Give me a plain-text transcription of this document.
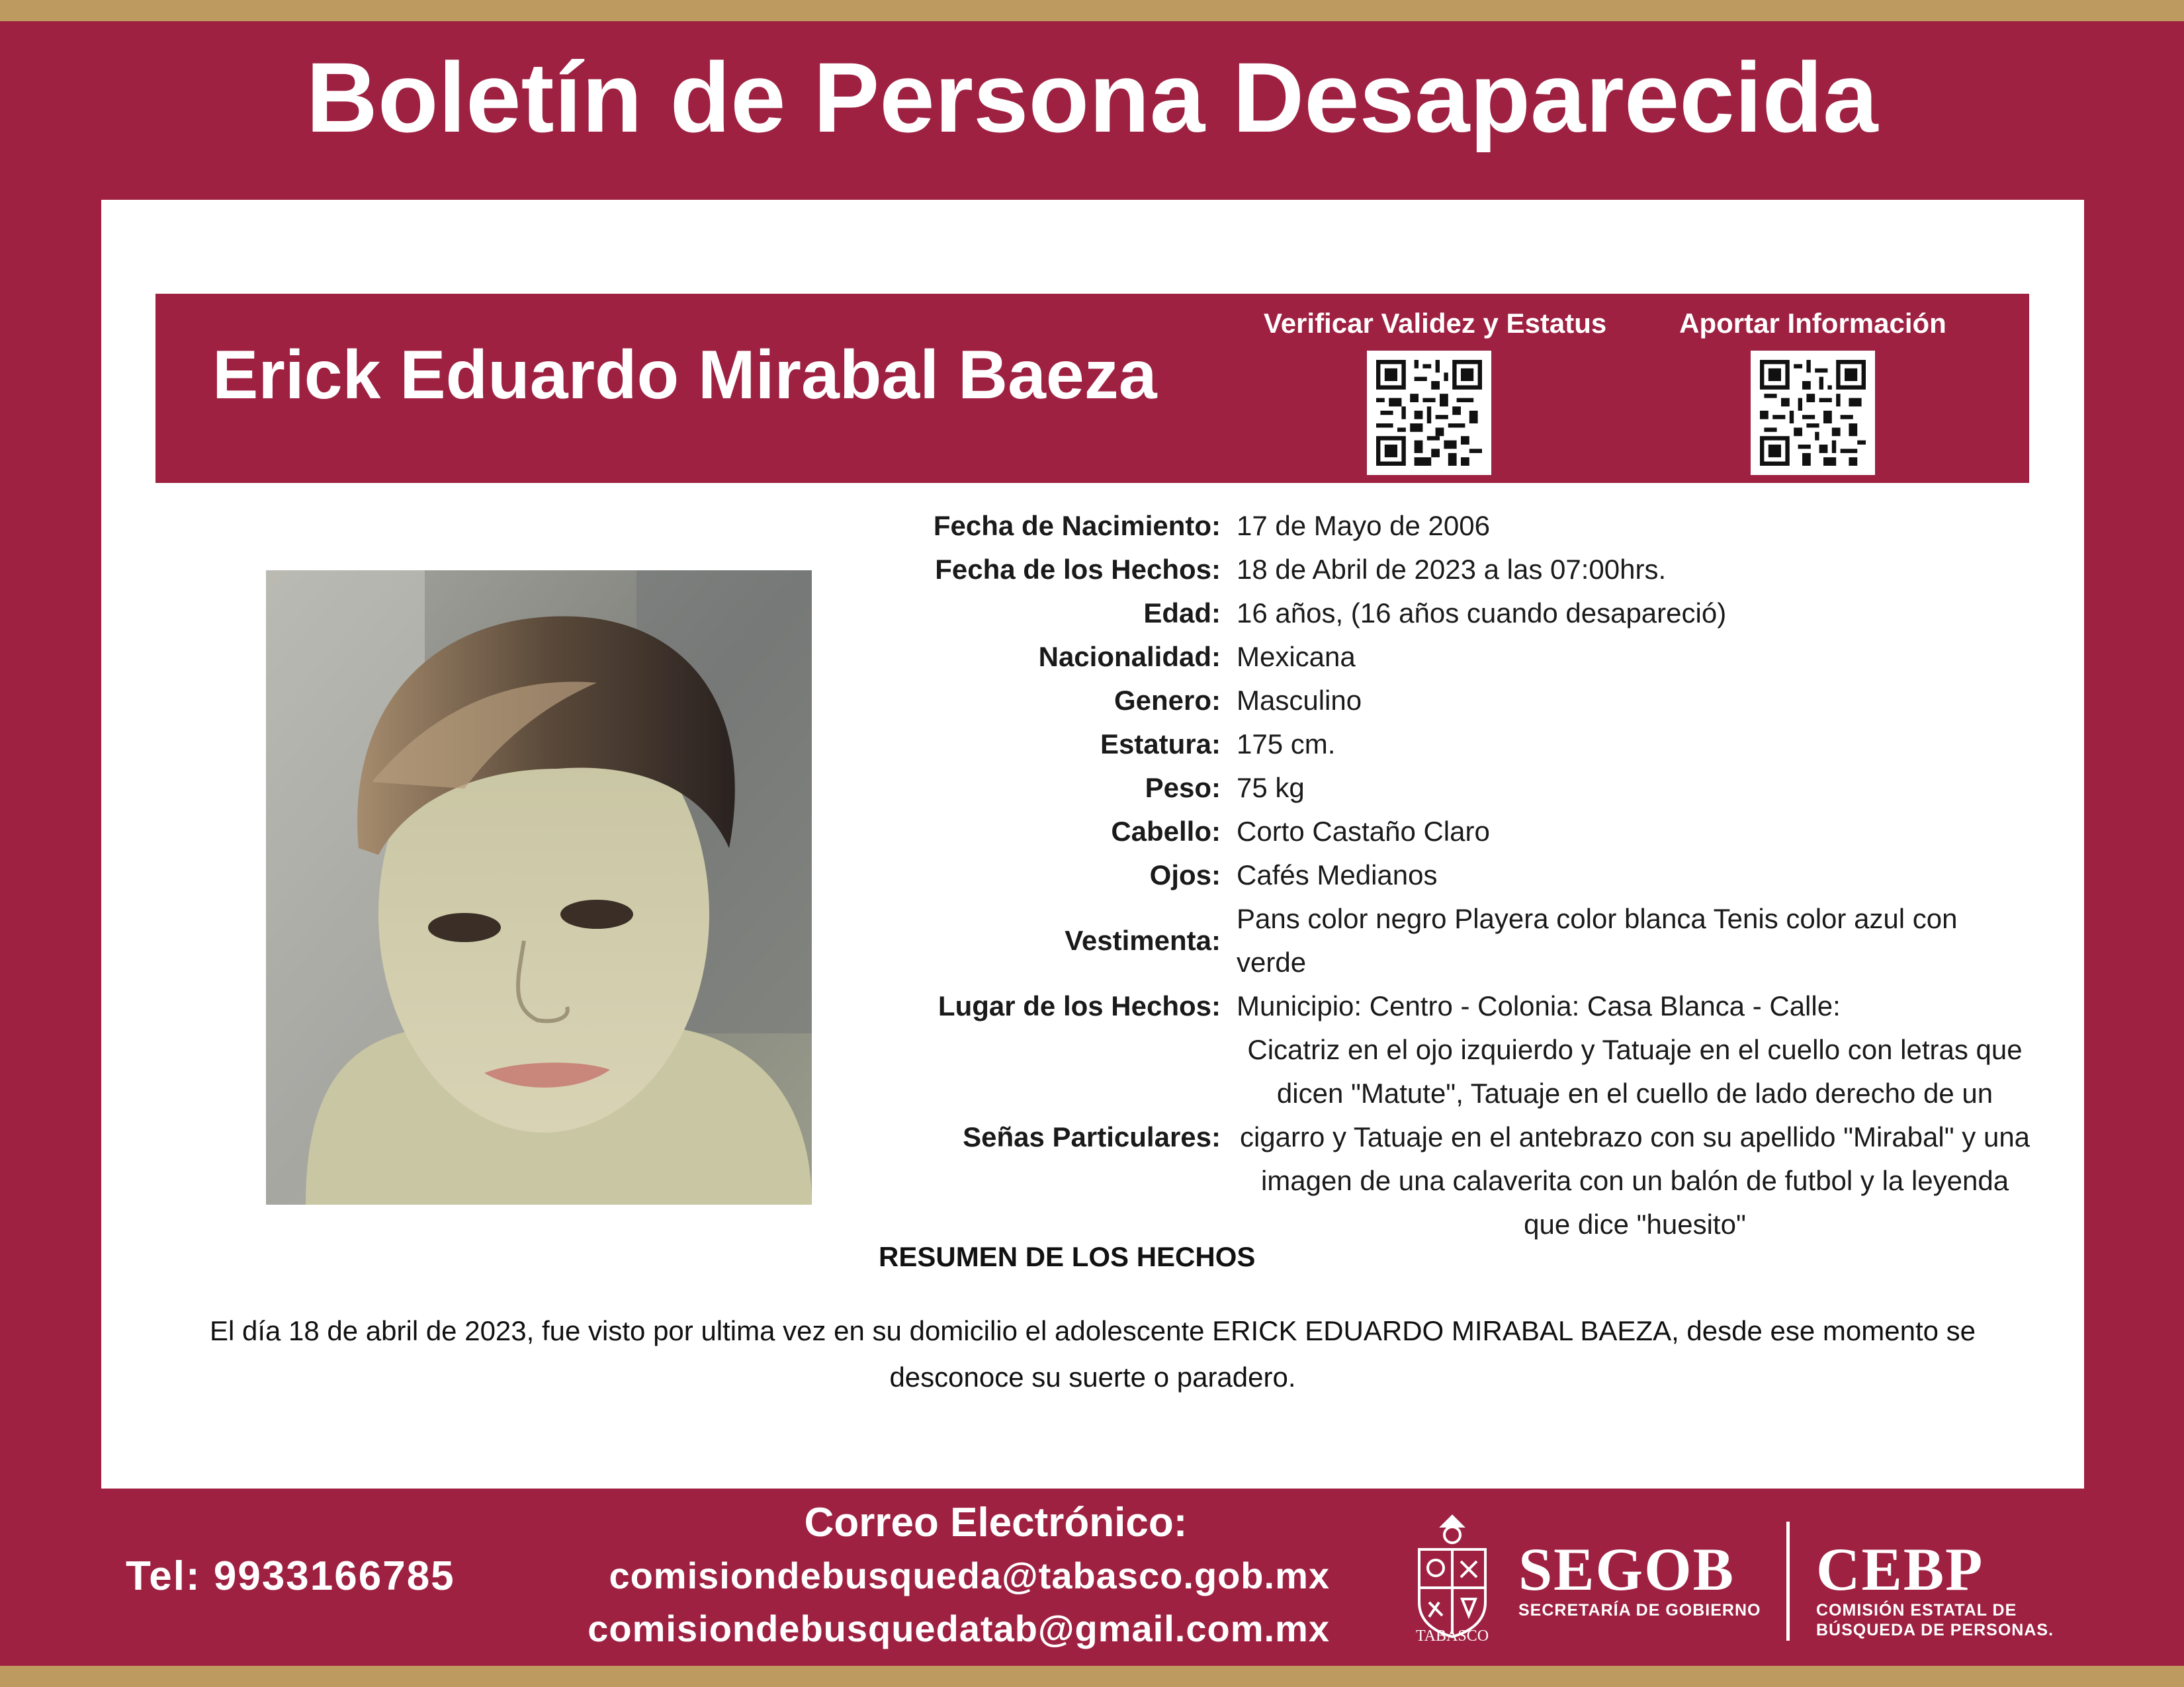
Boletín de Persona Desaparecida
Erick Eduardo Mirabal Baeza
Verificar Validez y Estatus	Aportar Información
Fecha de Nacimiento: 17 de Mayo de 2006
Fecha de los Hechos: 18 de Abril de 2023 a las 07:00hrs.
Edad: 16 años, (16 años cuando desapareció)
Nacionalidad: Mexicana
Genero: Masculino
Estatura: 175 cm.
Peso: 75 kg
Cabello: Corto Castaño Claro
Ojos: Cafés Medianos
Vestimenta:
Pans color negro Playera color blanca Tenis color azul con verde
Lugar de los Hechos: Municipio: Centro - Colonia: Casa Blanca - Calle:
Señas Particulares:
Cicatriz en el ojo izquierdo y Tatuaje en el cuello con letras que dicen "Matute", Tatuaje en el cuello de lado derecho de un cigarro y Tatuaje en el antebrazo con su apellido "Mirabal" y una imagen de una calaverita con un balón de futbol y la leyenda que dice "huesito"
RESUMEN DE LOS HECHOS
El día 18 de abril de 2023, fue visto por ultima vez en su domicilio el adolescente ERICK EDUARDO MIRABAL BAEZA, desde ese momento se desconoce su suerte o paradero.
Tel: 9933166785
Correo Electrónico:
comisiondebusqueda@tabasco.gob.mx
comisiondebusquedatab@gmail.com.mx	TABASCO
SEGOB
SECRETARÍA DE GOBIERNO
CEBP
COMISIÓN ESTATAL DE
BÚSQUEDA DE PERSONAS.
